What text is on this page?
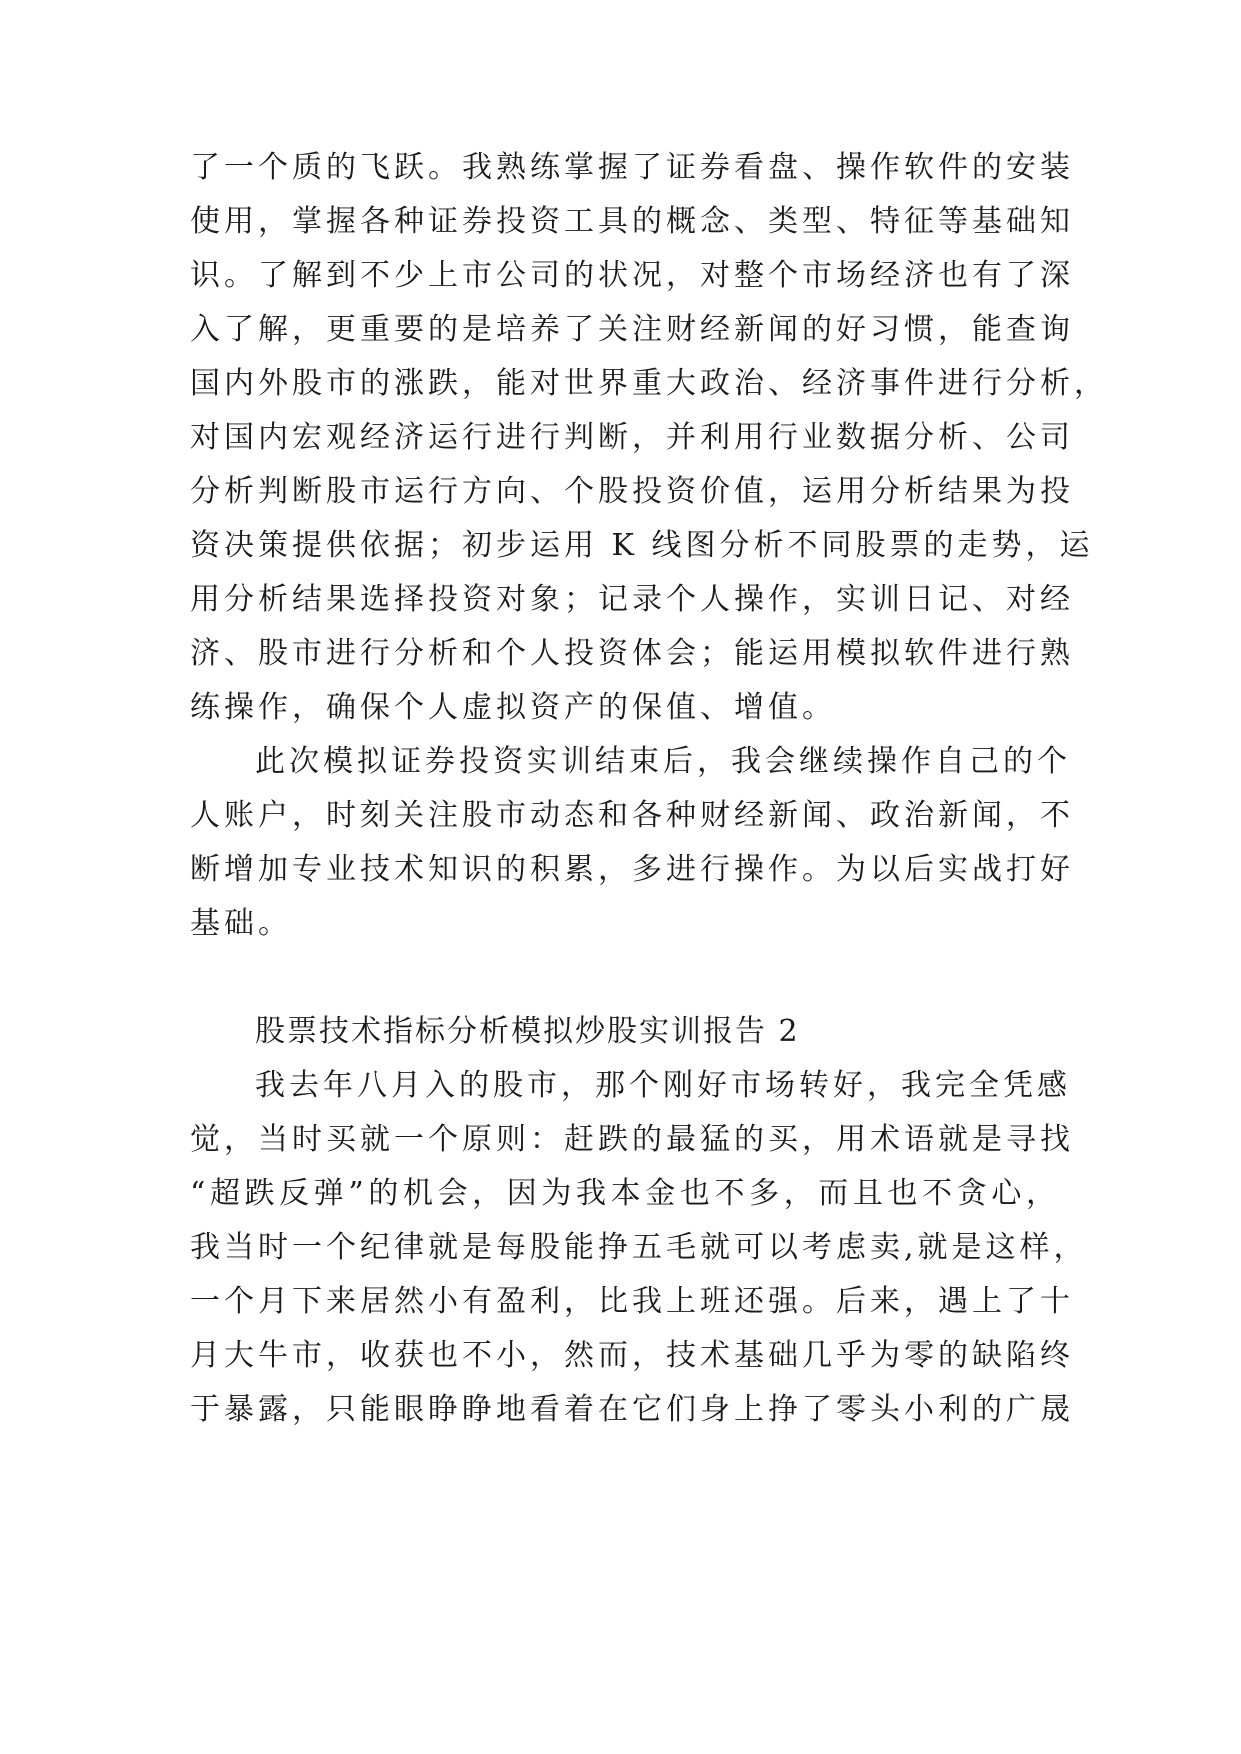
了一个质的飞跃。我熟练掌握了证券看盘、操作软件的安装
使用，掌握各种证券投资工具的概念、类型、特征等基础知
识。了解到不少上市公司的状况，对整个市场经济也有了深
入了解，更重要的是培养了关注财经新闻的好习惯，能查询
国内外股市的涨跌，能对世界重大政治、经济事件进行分析，
对国内宏观经济运行进行判断，并利用行业数据分析、公司
分析判断股市运行方向、个股投资价值，运用分析结果为投
资决策提供依据；初步运用 K 线图分析不同股票的走势，运
用分析结果选择投资对象；记录个人操作，实训日记、对经
济、股市进行分析和个人投资体会；能运用模拟软件进行熟
练操作，确保个人虚拟资产的保值、增值。
此次模拟证券投资实训结束后，我会继续操作自己的个
人账户，时刻关注股市动态和各种财经新闻、政治新闻，不
断增加专业技术知识的积累，多进行操作。为以后实战打好
基础。
股票技术指标分析模拟炒股实训报告 2
我去年八月入的股市，那个刚好市场转好，我完全凭感
觉，当时买就一个原则：赶跌的最猛的买，用术语就是寻找
“超跌反弹”的机会，因为我本金也不多，而且也不贪心，
我当时一个纪律就是每股能挣五毛就可以考虑卖,就是这样，
一个月下来居然小有盈利，比我上班还强。后来，遇上了十
月大牛市，收获也不小，然而，技术基础几乎为零的缺陷终
于暴露，只能眼睁睁地看着在它们身上挣了零头小利的广晟
